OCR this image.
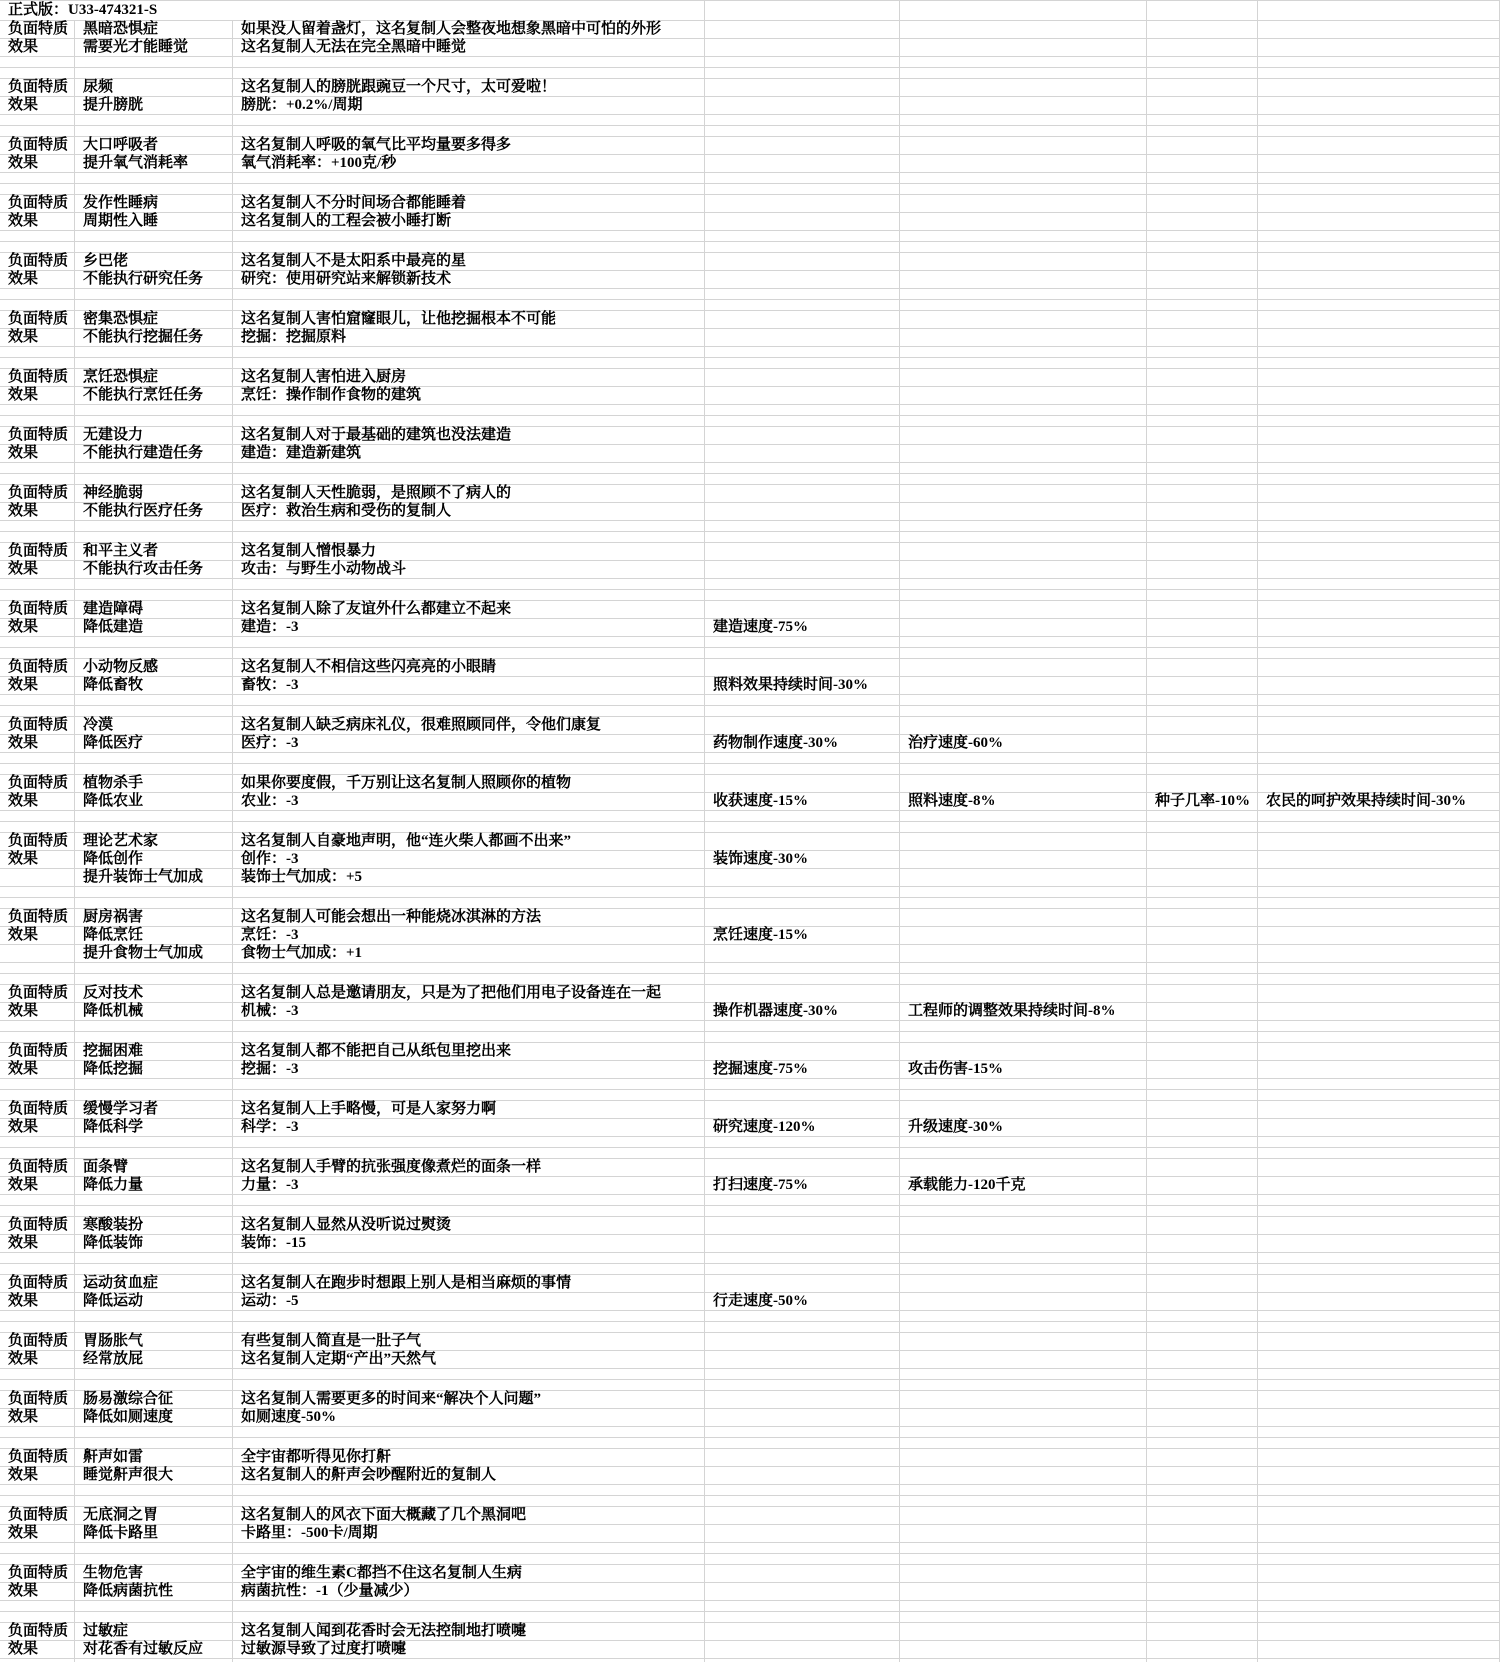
正式版：U33-474321-S
负面特质 黑暗恐惧症	如果没人留着盏灯，这名复制人会整夜地想象黑暗中可怕的外形
效果	需要光才能睡觉	这名复制人无法在完全黑暗中睡觉
负面特质 尿频	这名复制人的膀胱跟豌豆一个尺寸，太可爱啦！
效果	提升膀胱	膀胱：+0.2%/周期
负面特质 大口呼吸者	这名复制人呼吸的氧气比平均量要多得多
效果	提升氧气消耗率	氧气消耗率：+100克/秒
负面特质 发作性睡病	这名复制人不分时间场合都能睡着
效果	周期性入睡	这名复制人的工程会被小睡打断
负面特质 乡巴佬	这名复制人不是太阳系中最亮的星
效果	不能执行研究任务	研究：使用研究站来解锁新技术
负面特质 密集恐惧症	这名复制人害怕窟窿眼儿，让他挖掘根本不可能
效果	不能执行挖掘任务	挖掘：挖掘原料
负面特质 烹饪恐惧症	这名复制人害怕进入厨房
效果	不能执行烹饪任务	烹饪：操作制作食物的建筑
负面特质 无建设力	这名复制人对于最基础的建筑也没法建造
效果	不能执行建造任务	建造：建造新建筑
负面特质 神经脆弱	这名复制人天性脆弱，是照顾不了病人的
效果	不能执行医疗任务	医疗：救治生病和受伤的复制人
负面特质 和平主义者	这名复制人憎恨暴力
效果	不能执行攻击任务	攻击：与野生小动物战斗
负面特质 建造障碍	这名复制人除了友谊外什么都建立不起来
效果	降低建造	建造：-3	建造速度-75%
负面特质 小动物反感	这名复制人不相信这些闪亮亮的小眼睛
效果	降低畜牧	畜牧：-3	照料效果持续时间-30%
负面特质 冷漠	这名复制人缺乏病床礼仪，很难照顾同伴，令他们康复
效果	降低医疗	医疗：-3	药物制作速度-30%	治疗速度-60%
负面特质 植物杀手	如果你要度假，千万别让这名复制人照顾你的植物
效果	降低农业	农业：-3	收获速度-15%	照料速度-8%	种子几率-10%	农民的呵护效果持续时间-30%
负面特质 理论艺术家	这名复制人自豪地声明，他“连火柴人都画不出来”
效果	降低创作	创作：-3	装饰速度-30%
提升装饰士气加成	装饰士气加成：+5
负面特质 厨房祸害	这名复制人可能会想出一种能烧冰淇淋的方法
效果	降低烹饪	烹饪：-3	烹饪速度-15%
提升食物士气加成	食物士气加成：+1
负面特质 反对技术	这名复制人总是邀请朋友，只是为了把他们用电子设备连在一起
效果	降低机械	机械：-3	操作机器速度-30%	工程师的调整效果持续时间-8%
负面特质 挖掘困难	这名复制人都不能把自己从纸包里挖出来
效果	降低挖掘	挖掘：-3	挖掘速度-75%	攻击伤害-15%
负面特质 缓慢学习者	这名复制人上手略慢，可是人家努力啊
效果	降低科学	科学：-3	研究速度-120%	升级速度-30%
负面特质 面条臂	这名复制人手臂的抗张强度像煮烂的面条一样
效果	降低力量	力量：-3	打扫速度-75%	承载能力-120千克
负面特质 寒酸装扮	这名复制人显然从没听说过熨烫
效果	降低装饰	装饰：-15
负面特质 运动贫血症	这名复制人在跑步时想跟上别人是相当麻烦的事情
效果	降低运动	运动：-5	行走速度-50%
负面特质 胃肠胀气	有些复制人简直是一肚子气
效果	经常放屁	这名复制人定期“产出”天然气
负面特质 肠易激综合征	这名复制人需要更多的时间来“解决个人问题”
效果	降低如厕速度	如厕速度-50%
负面特质 鼾声如雷	全宇宙都听得见你打鼾
效果	睡觉鼾声很大	这名复制人的鼾声会吵醒附近的复制人
负面特质 无底洞之胃	这名复制人的风衣下面大概藏了几个黑洞吧
效果	降低卡路里	卡路里：-500卡/周期
负面特质 生物危害	全宇宙的维生素C都挡不住这名复制人生病
效果	降低病菌抗性	病菌抗性：-1（少量减少）
负面特质 过敏症	这名复制人闻到花香时会无法控制地打喷嚏
效果	对花香有过敏反应	过敏源导致了过度打喷嚏
